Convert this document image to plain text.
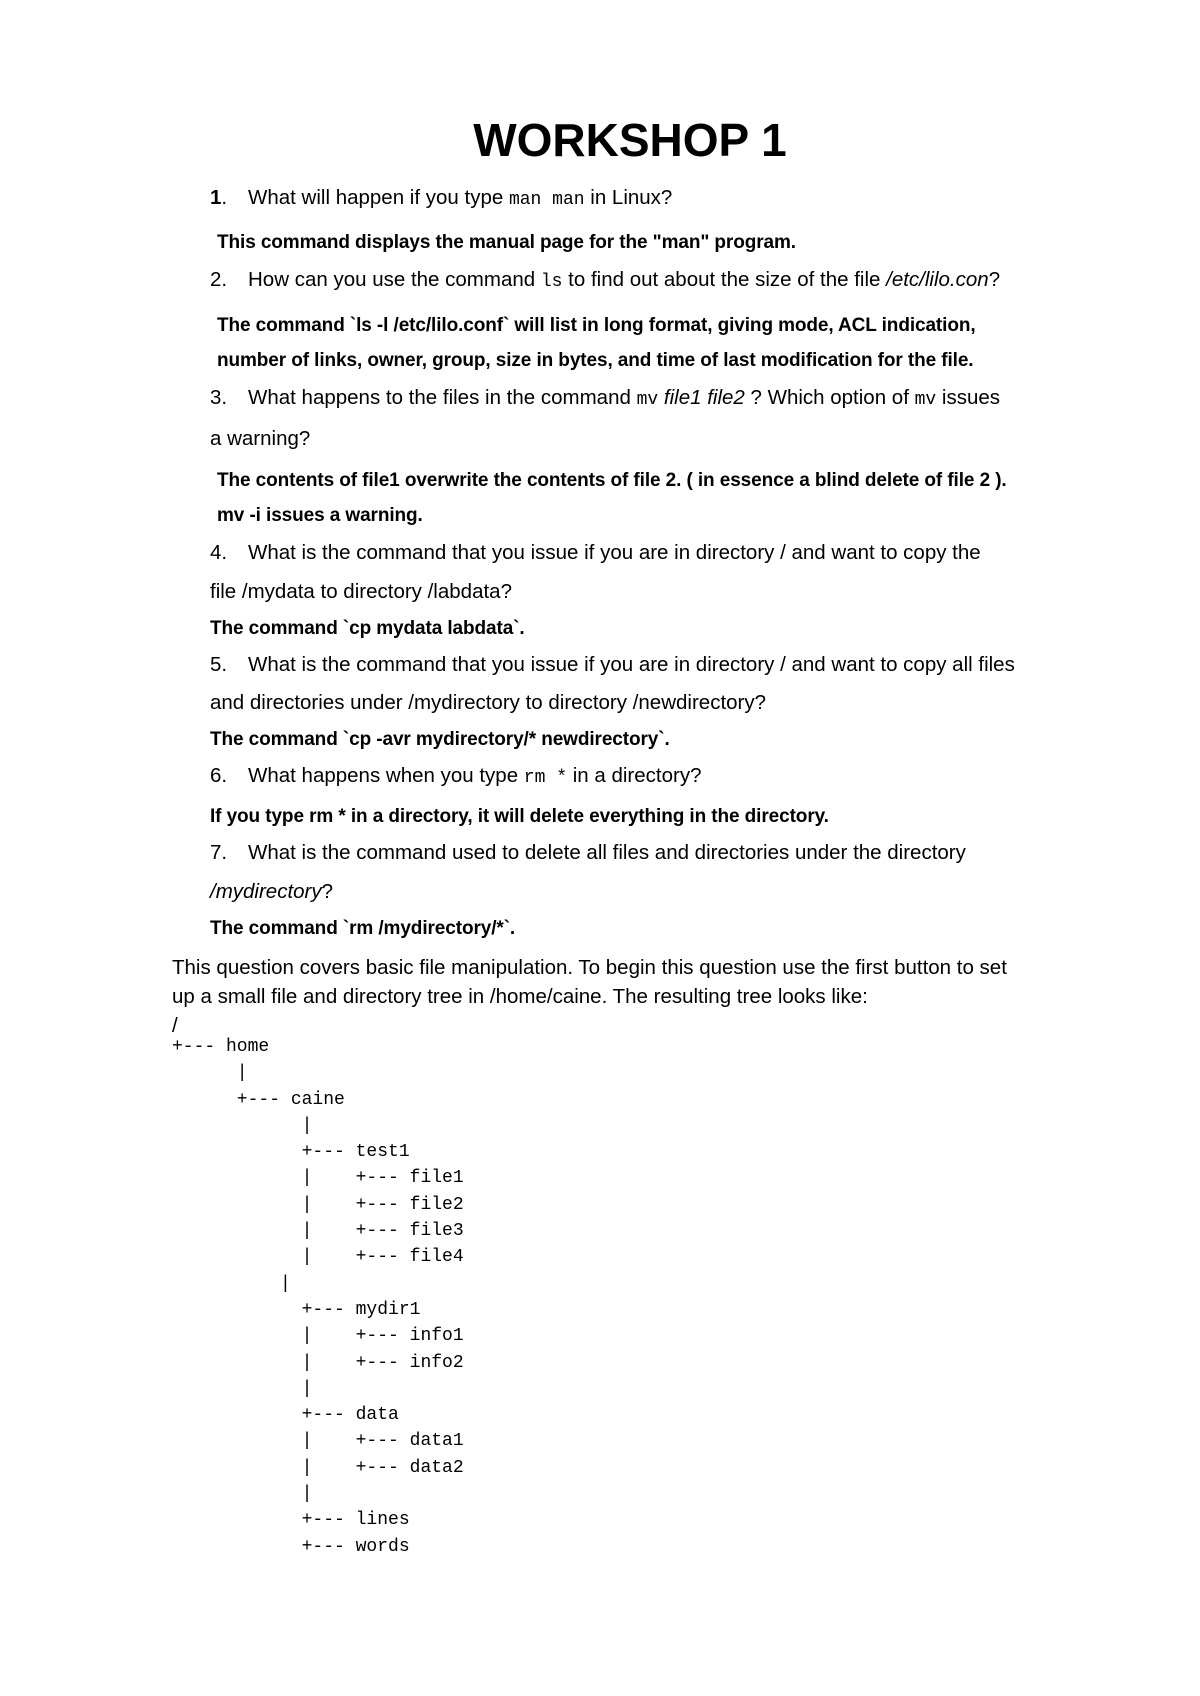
WORKSHOP 1
1. What will happen if you type man man in Linux?
This command displays the manual page for the "man" program.
2. How can you use the command ls to find out about the size of the file /etc/lilo.con?
The command `ls -l /etc/lilo.conf` will list in long format, giving mode, ACL indication,
number of links, owner, group, size in bytes, and time of last modification for the file.
3. What happens to the files in the command mv file1 file2 ? Which option of mv issues
a warning?
The contents of file1 overwrite the contents of file 2. ( in essence a blind delete of file 2 ).
mv -i issues a warning.
4. What is the command that you issue if you are in directory / and want to copy the
file /mydata to directory /labdata?
The command `cp mydata labdata`.
5. What is the command that you issue if you are in directory / and want to copy all files
and directories under /mydirectory to directory /newdirectory?
The command `cp -avr mydirectory/* newdirectory`.
6. What happens when you type rm * in a directory?
If you type rm * in a directory, it will delete everything in the directory.
7. What is the command used to delete all files and directories under the directory
/mydirectory?
The command `rm /mydirectory/*`.

This question covers basic file manipulation. To begin this question use the first button to set

up a small file and directory tree in /home/caine. The resulting tree looks like:

/

+--- home
|
+--- caine
|
+--- test1
|    +--- file1
|    +--- file2
|    +--- file3
|    +--- file4
|
+--- mydir1
|    +--- info1
|    +--- info2
|
+--- data
|    +--- data1
|    +--- data2
|
+--- lines
+--- words
